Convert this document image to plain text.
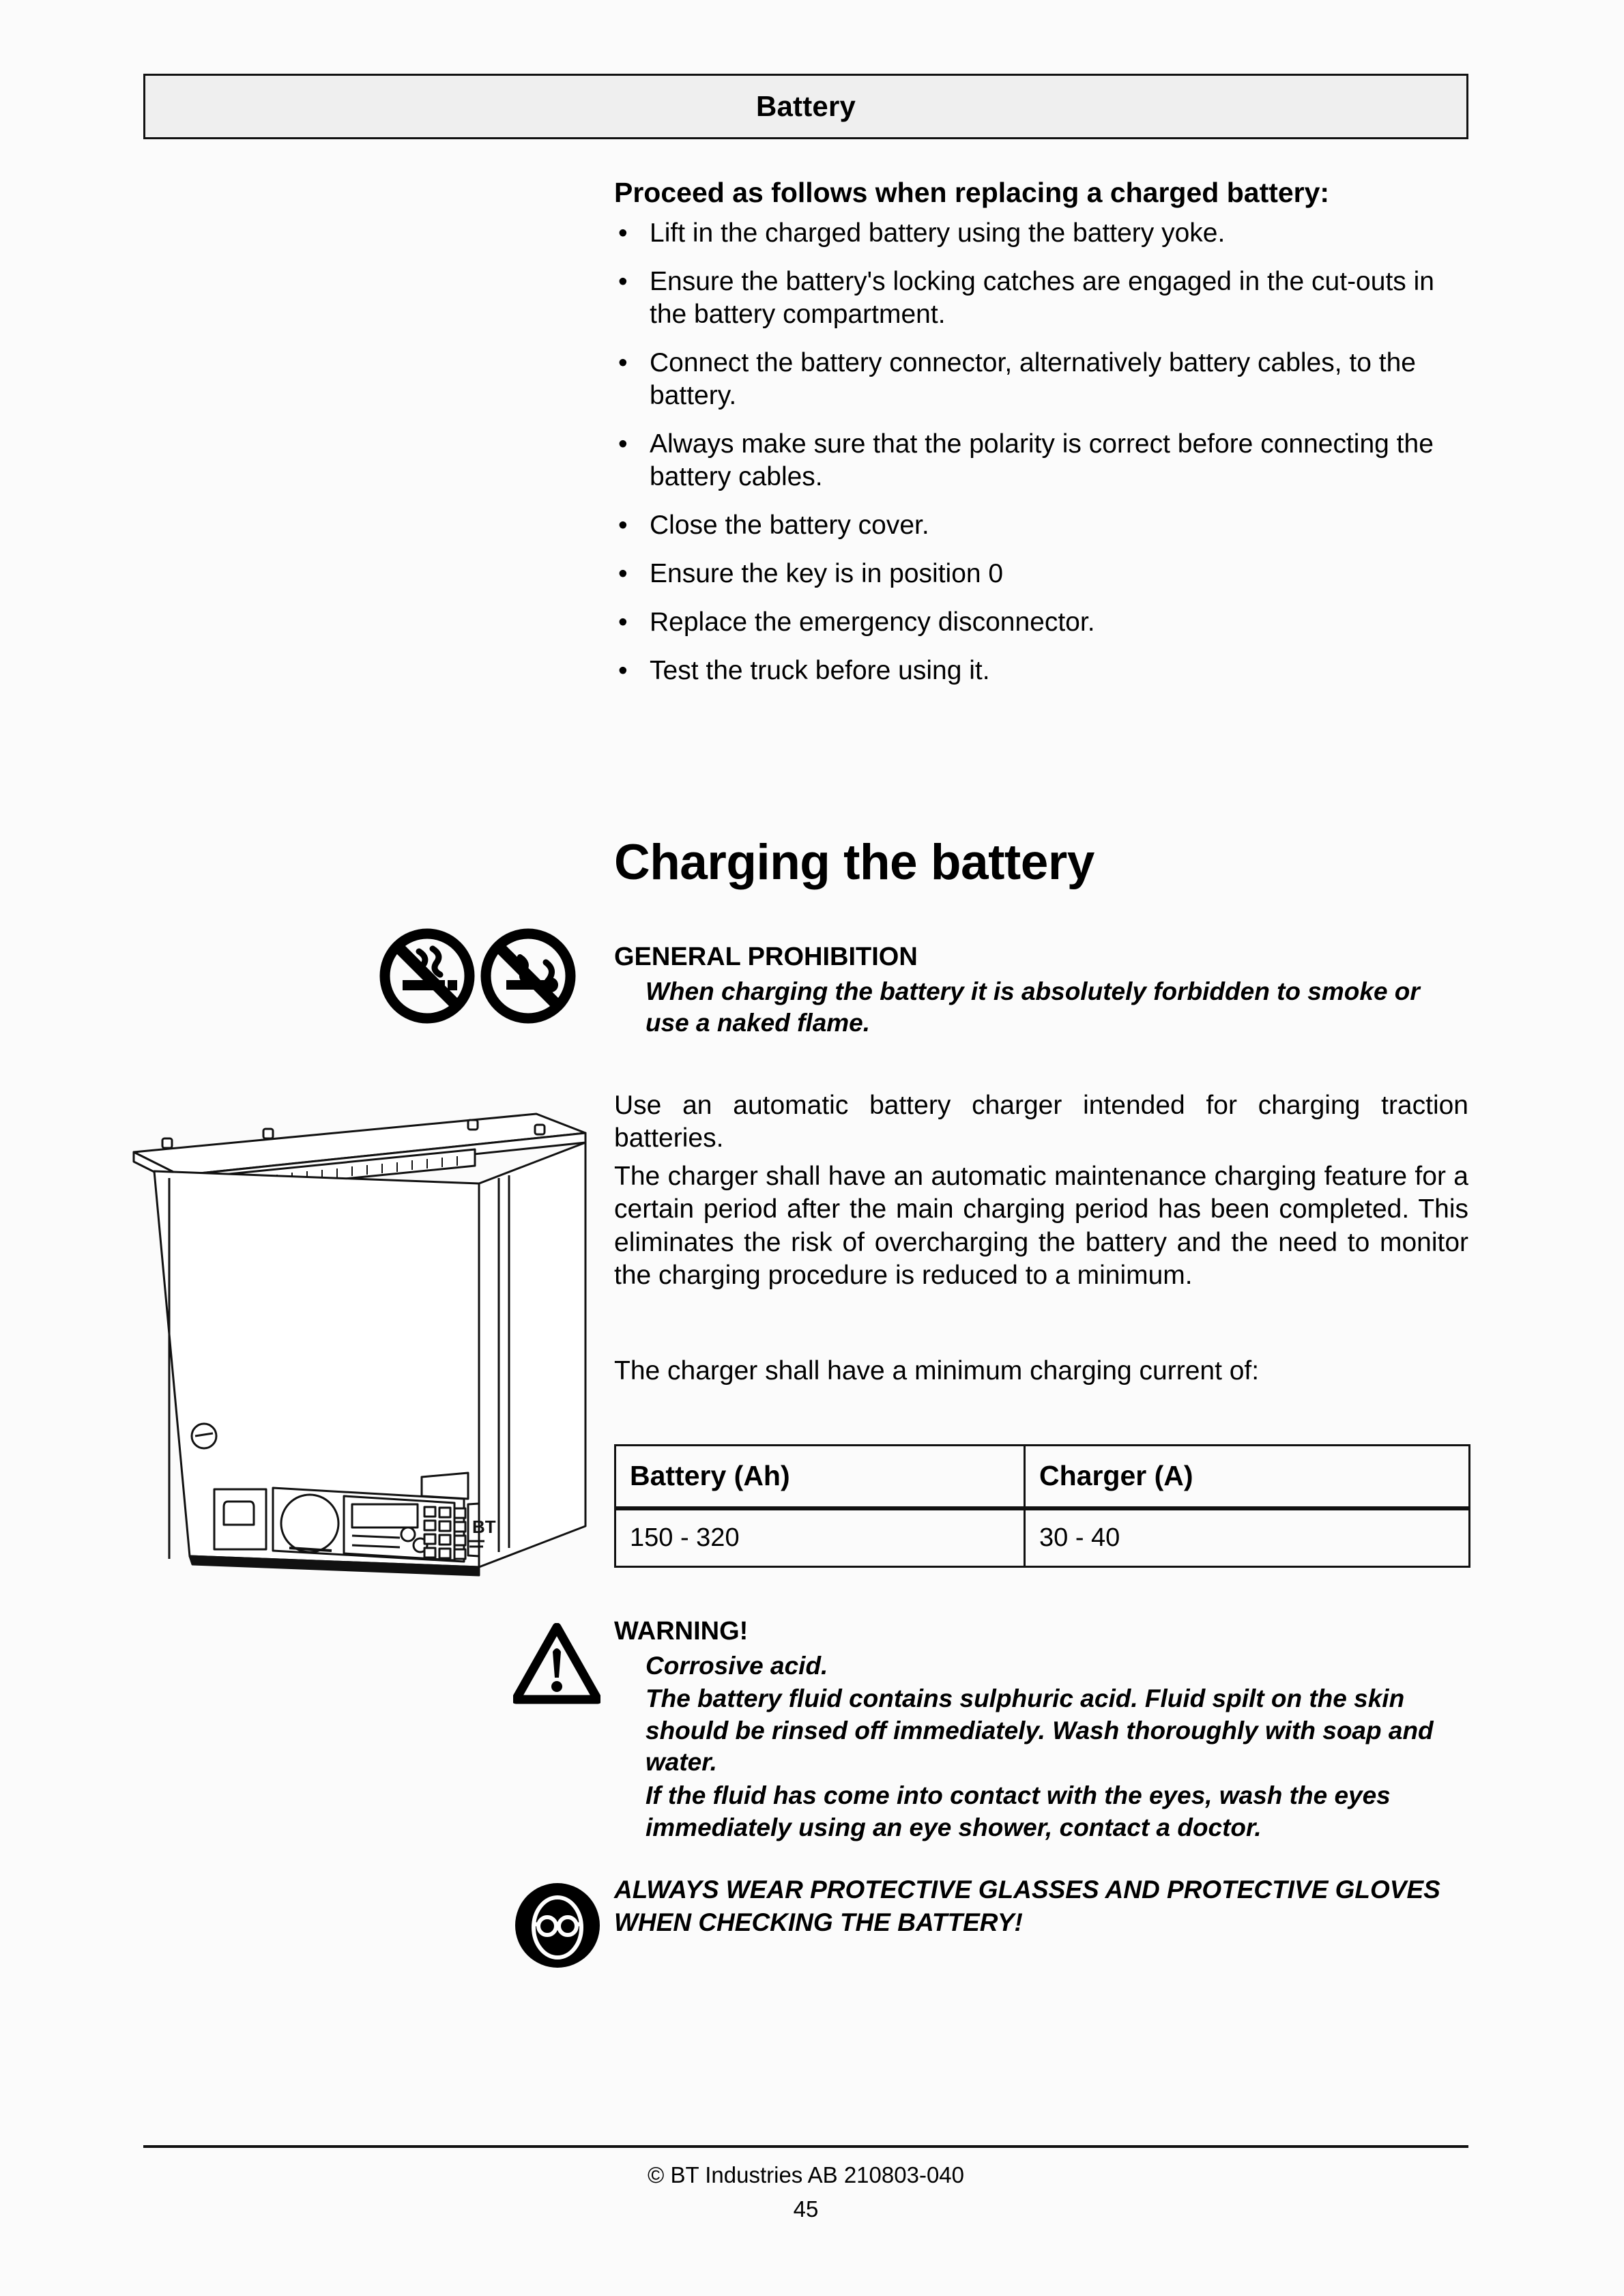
Battery

Proceed as follows when replacing a charged battery:

• Lift in the charged battery using the battery yoke.
• Ensure the battery's locking catches are engaged in the cut-outs in the battery compartment.
• Connect the battery connector, alternatively battery cables, to the battery.
• Always make sure that the polarity is correct before connecting the battery cables.
• Close the battery cover.
• Ensure the key is in position 0
• Replace the emergency disconnector.
• Test the truck before using it.
Charging the battery

GENERAL PROHIBITION

When charging the battery it is absolutely forbidden to smoke or use a naked flame.

Use an automatic battery charger intended for charging traction batteries.

The charger shall have an automatic maintenance charging feature for a certain period after the main charging period has been completed. This eliminates the risk of overcharging the battery and the need to monitor the charging procedure is reduced to a minimum.

The charger shall have a minimum charging current of:

BT
Battery (Ah)	Charger (A)
150 - 320	30 - 40

WARNING!

Corrosive acid.

The battery fluid contains sulphuric acid. Fluid spilt on the skin should be rinsed off immediately. Wash thoroughly with soap and water.

If the fluid has come into contact with the eyes, wash the eyes immediately using an eye shower, contact a doctor.

ALWAYS WEAR PROTECTIVE GLASSES AND PROTECTIVE GLOVES WHEN CHECKING THE BATTERY!

© BT Industries AB 210803-040
45
